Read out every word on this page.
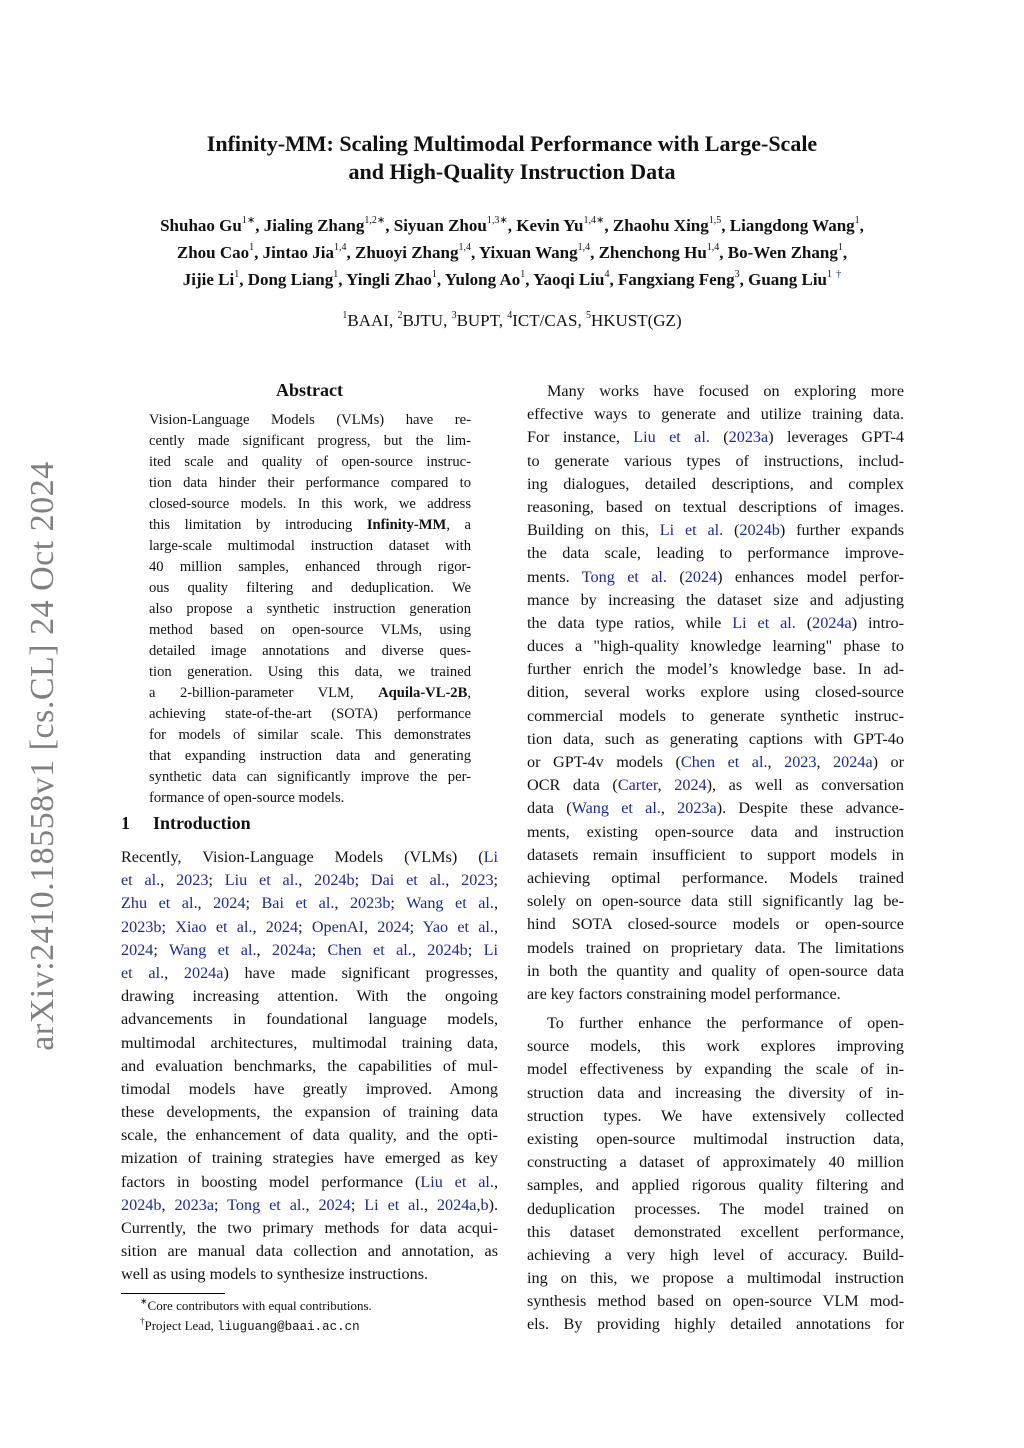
arXiv:2410.18558v1 [cs.CL] 24 Oct 2024
Infinity-MM: Scaling Multimodal Performance with Large-Scale
and High-Quality Instruction Data
Shuhao $Gu^{1∗}$, Jialing Zhang$^{1,2∗}$, Siyuan Zhou$^{1,3∗}$, Kevin $Yu^{1,4∗}$, Zhaohu Xing$^{1,5}$, Liangdong Wang$^1$,
Zhou Cao$^1$, Jintao Jia$^{1,4}$, Zhuoyi Zhang$^{1,4}$, Yixuan Wang$^{1,4}$, Zhenchong Hu$^{1,4}$, Bo-Wen Zhang$^1$,
Jijie Li$^1$, Dong Liang$^1$, Yingli Zhao$^1$, Yulong Ao$^1$, Yaoqi Liu$^4$, Fangxiang Feng$^3$, Guang Liu$^1$ †
$^1$BAAI, $^2$BJTU, $^3$BUPT, $^4$ICT/CAS, $^5$HKUST(GZ)
Abstract
Vision-Language Models (VLMs) have re-
cently made significant progress, but the lim-
ited scale and quality of open-source instruc-
tion data hinder their performance compared to
closed-source models. In this work, we address
this limitation by introducing Infinity-MM, a
large-scale multimodal instruction dataset with
40 million samples, enhanced through rigor-
ous quality filtering and deduplication. We
also propose a synthetic instruction generation
method based on open-source VLMs, using
detailed image annotations and diverse ques-
tion generation. Using this data, we trained
a 2-billion-parameter VLM, Aquila-VL-2B,
achieving state-of-the-art (SOTA) performance
for models of similar scale. This demonstrates
that expanding instruction data and generating
synthetic data can significantly improve the per-
formance of open-source models.
1 Introduction
Recently, Vision-Language Models (VLMs) (Li
et al., 2023; Liu et al., 2024b; Dai et al., 2023;
Zhu et al., 2024; Bai et al., 2023b; Wang et al.,
2023b; Xiao et al., 2024; OpenAI, 2024; Yao et al.,
2024; Wang et al., 2024a; Chen et al., 2024b; Li
et al., 2024a) have made significant progresses,
drawing increasing attention. With the ongoing
advancements in foundational language models,
multimodal architectures, multimodal training data,
and evaluation benchmarks, the capabilities of mul-
timodal models have greatly improved. Among
these developments, the expansion of training data
scale, the enhancement of data quality, and the opti-
mization of training strategies have emerged as key
factors in boosting model performance (Liu et al.,
2024b, 2023a; Tong et al., 2024; Li et al., 2024a,b).
Currently, the two primary methods for data acqui-
sition are manual data collection and annotation, as
well as using models to synthesize instructions.
Many works have focused on exploring more
effective ways to generate and utilize training data.
For instance, Liu et al. (2023a) leverages GPT-4
to generate various types of instructions, includ-
ing dialogues, detailed descriptions, and complex
reasoning, based on textual descriptions of images.
Building on this, Li et al. (2024b) further expands
the data scale, leading to performance improve-
ments. Tong et al. (2024) enhances model perfor-
mance by increasing the dataset size and adjusting
the data type ratios, while Li et al. (2024a) intro-
duces a "high-quality knowledge learning" phase to
further enrich the model’s knowledge base. In ad-
dition, several works explore using closed-source
commercial models to generate synthetic instruc-
tion data, such as generating captions with GPT-4o
or GPT-4v models (Chen et al., 2023, 2024a) or
OCR data (Carter, 2024), as well as conversation
data (Wang et al., 2023a). Despite these advance-
ments, existing open-source data and instruction
datasets remain insufficient to support models in
achieving optimal performance. Models trained
solely on open-source data still significantly lag be-
hind SOTA closed-source models or open-source
models trained on proprietary data. The limitations
in both the quantity and quality of open-source data
are key factors constraining model performance.
To further enhance the performance of open-
source models, this work explores improving
model effectiveness by expanding the scale of in-
struction data and increasing the diversity of in-
struction types. We have extensively collected
existing open-source multimodal instruction data,
constructing a dataset of approximately 40 million
samples, and applied rigorous quality filtering and
deduplication processes. The model trained on
this dataset demonstrated excellent performance,
achieving a very high level of accuracy. Build-
ing on this, we propose a multimodal instruction
synthesis method based on open-source VLM mod-
els. By providing highly detailed annotations for
∗Core contributors with equal contributions.
†Project Lead, liuguang@baai.ac.cn
